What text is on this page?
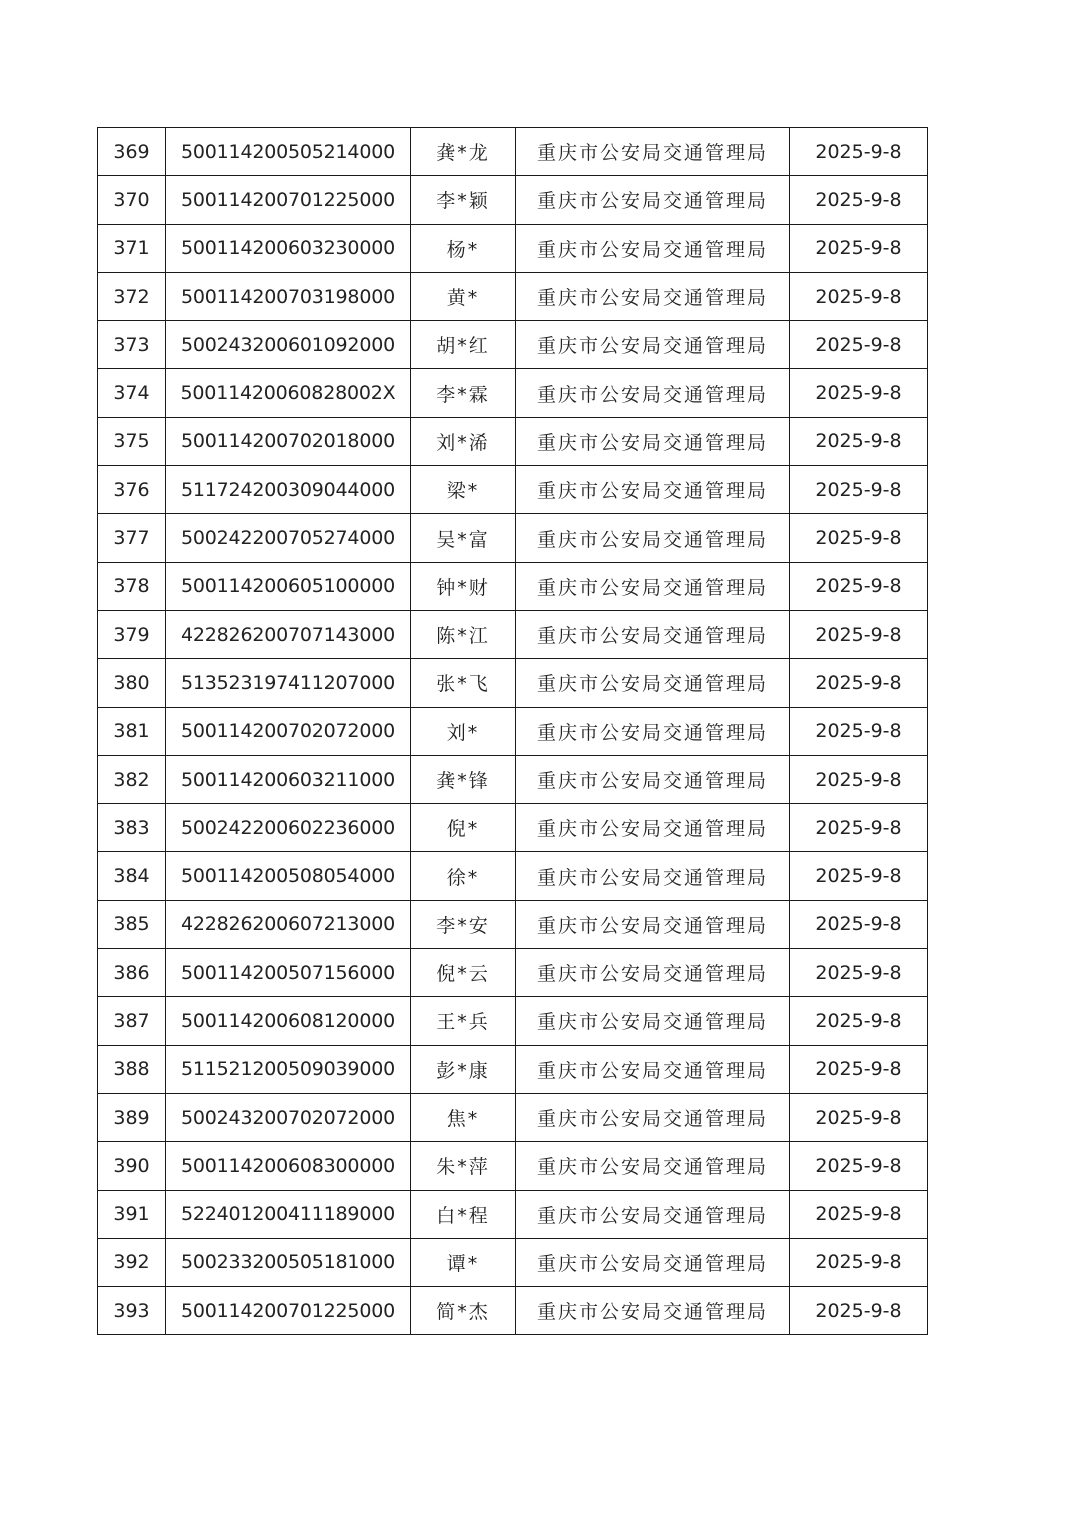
369	500114200505214000	龚*龙	重庆市公安局交通管理局	2025-9-8
370	500114200701225000	李*颖	重庆市公安局交通管理局	2025-9-8
371	500114200603230000	杨*	重庆市公安局交通管理局	2025-9-8
372	500114200703198000	黄*	重庆市公安局交通管理局	2025-9-8
373	500243200601092000	胡*红	重庆市公安局交通管理局	2025-9-8
374	50011420060828002X	李*霖	重庆市公安局交通管理局	2025-9-8
375	500114200702018000	刘*浠	重庆市公安局交通管理局	2025-9-8
376	511724200309044000	梁*	重庆市公安局交通管理局	2025-9-8
377	500242200705274000	吴*富	重庆市公安局交通管理局	2025-9-8
378	500114200605100000	钟*财	重庆市公安局交通管理局	2025-9-8
379	422826200707143000	陈*江	重庆市公安局交通管理局	2025-9-8
380	513523197411207000	张*飞	重庆市公安局交通管理局	2025-9-8
381	500114200702072000	刘*	重庆市公安局交通管理局	2025-9-8
382	500114200603211000	龚*锋	重庆市公安局交通管理局	2025-9-8
383	500242200602236000	倪*	重庆市公安局交通管理局	2025-9-8
384	500114200508054000	徐*	重庆市公安局交通管理局	2025-9-8
385	422826200607213000	李*安	重庆市公安局交通管理局	2025-9-8
386	500114200507156000	倪*云	重庆市公安局交通管理局	2025-9-8
387	500114200608120000	王*兵	重庆市公安局交通管理局	2025-9-8
388	511521200509039000	彭*康	重庆市公安局交通管理局	2025-9-8
389	500243200702072000	焦*	重庆市公安局交通管理局	2025-9-8
390	500114200608300000	朱*萍	重庆市公安局交通管理局	2025-9-8
391	522401200411189000	白*程	重庆市公安局交通管理局	2025-9-8
392	500233200505181000	谭*	重庆市公安局交通管理局	2025-9-8
393	500114200701225000	简*杰	重庆市公安局交通管理局	2025-9-8
